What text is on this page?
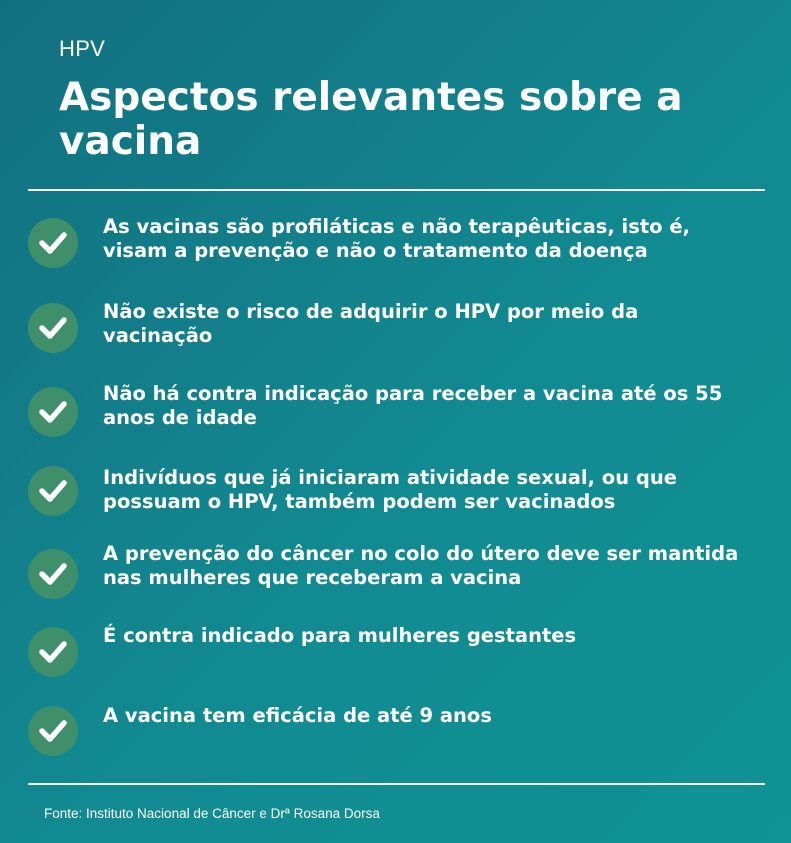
HPV
Aspectos relevantes sobre a vacina
As vacinas são profiláticas e não terapêuticas, isto é, visam a prevenção e não o tratamento da doença
Não existe o risco de adquirir o HPV por meio da vacinação
Não há contra indicação para receber a vacina até os 55 anos de idade
Indivíduos que já iniciaram atividade sexual, ou que possuam o HPV, também podem ser vacinados
A prevenção do câncer no colo do útero deve ser mantida nas mulheres que receberam a vacina
É contra indicado para mulheres gestantes
A vacina tem eficácia de até 9 anos
Fonte: Instituto Nacional de Câncer e Drª Rosana Dorsa
